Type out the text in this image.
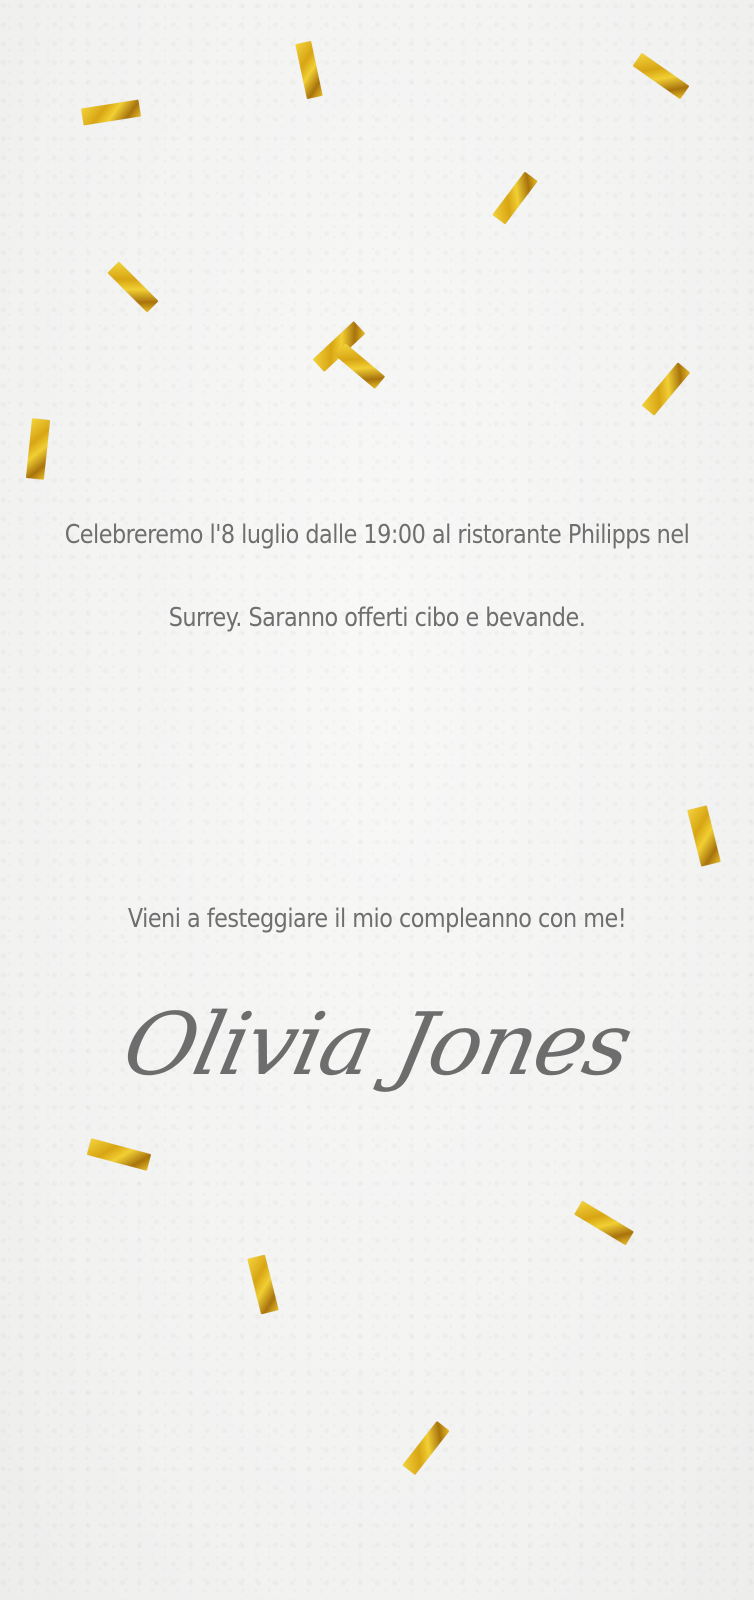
Celebreremo l'8 luglio dalle 19:00 al ristorante Philipps nel
Surrey. Saranno offerti cibo e bevande.
Vieni a festeggiare il mio compleanno con me!
Olivia Jones
